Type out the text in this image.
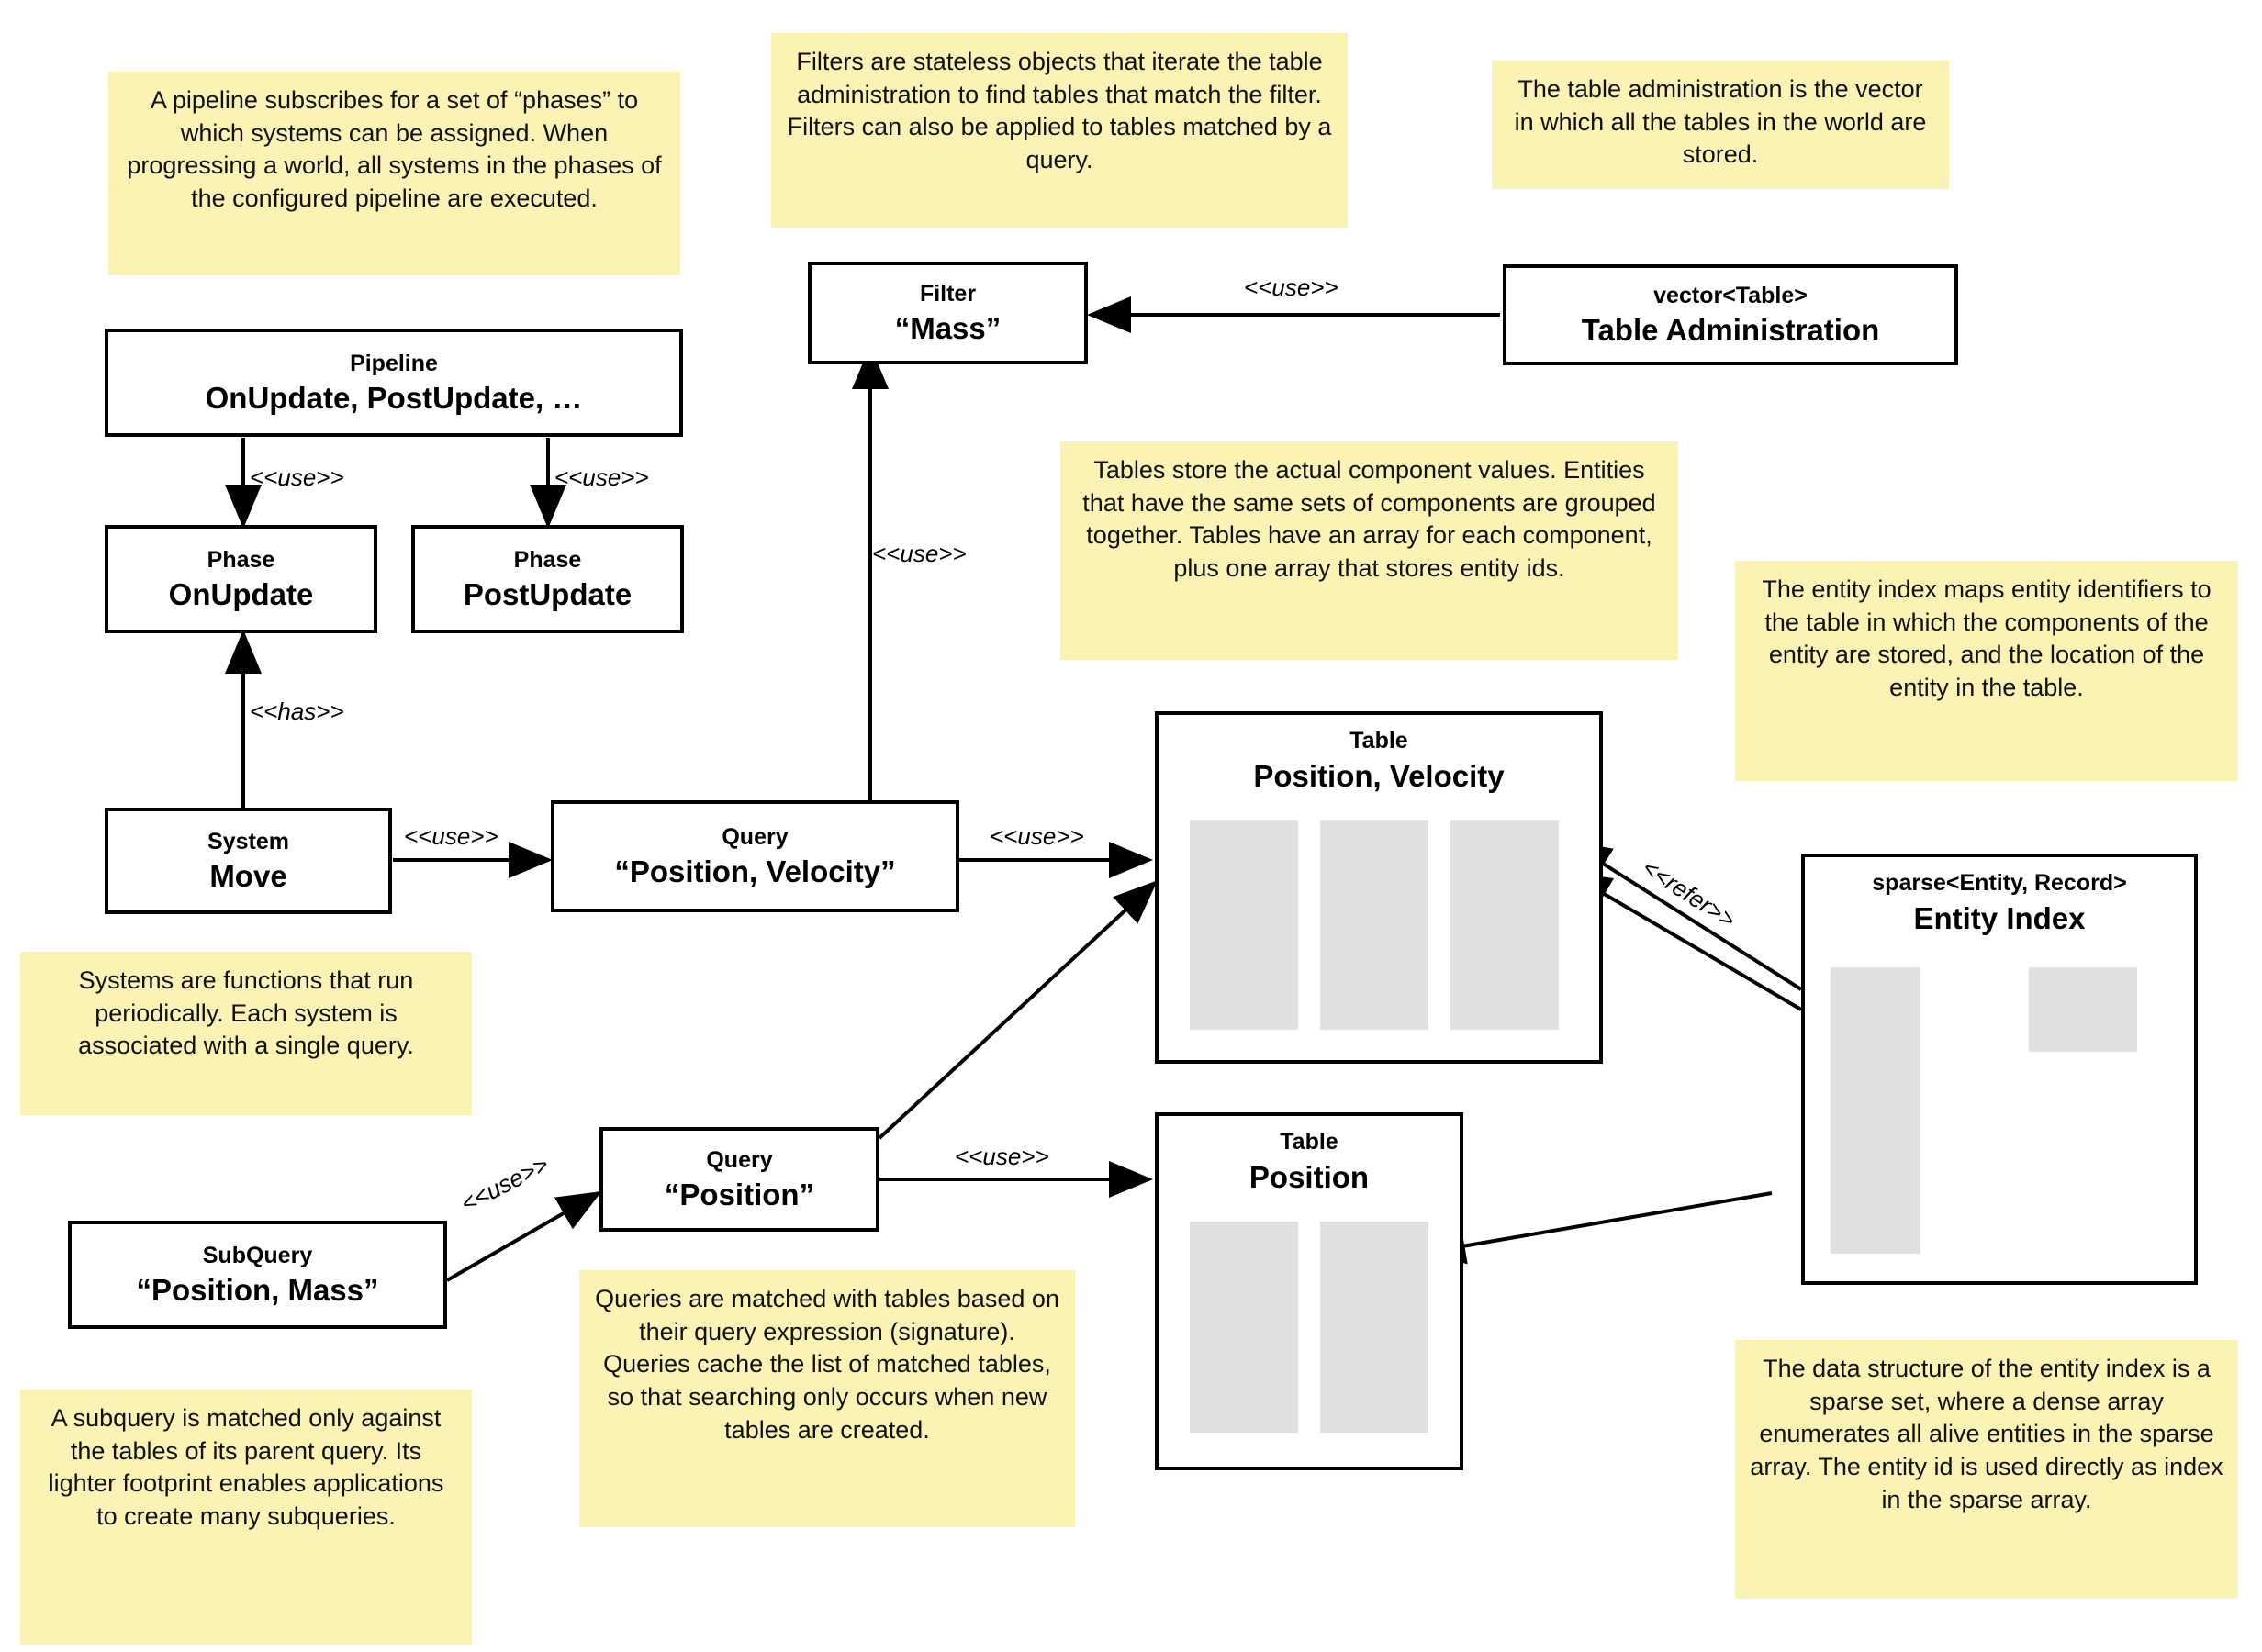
A pipeline subscribes for a set of “phases” to which systems can be assigned. When progressing a world, all systems in the phases of the configured pipeline are executed.
Filters are stateless objects that iterate the table administration to find tables that match the filter. Filters can also be applied to tables matched by a query.
The table administration is the vector in which all the tables in the world are stored.
Tables store the actual component values. Entities that have the same sets of components are grouped together. Tables have an array for each component, plus one array that stores entity ids.
The entity index maps entity identifiers to the table in which the components of the entity are stored, and the location of the entity in the table.
Systems are functions that run periodically. Each system is associated with a single query.
Queries are matched with tables based on their query expression (signature). Queries cache the list of matched tables, so that searching only occurs when new tables are created.
A subquery is matched only against the tables of its parent query. Its lighter footprint enables applications to create many subqueries.
The data structure of the entity index is a sparse set, where a dense array enumerates all alive entities in the sparse array. The entity id is used directly as index in the sparse array.
Filter
“Mass”
vector<Table>
Table Administration
Pipeline
OnUpdate, PostUpdate, …
Phase
OnUpdate
Phase
PostUpdate
System
Move
Query
“Position, Velocity”
Query
“Position”
SubQuery
“Position, Mass”
Table
Position, Velocity
Table
Position
sparse<Entity, Record>
Entity Index
<<use>>
<<use>>
<<use>>	<<use>>
<<has>>
<<use>>	<<use>>
<<use>>
<<use>>
<<refer>>
